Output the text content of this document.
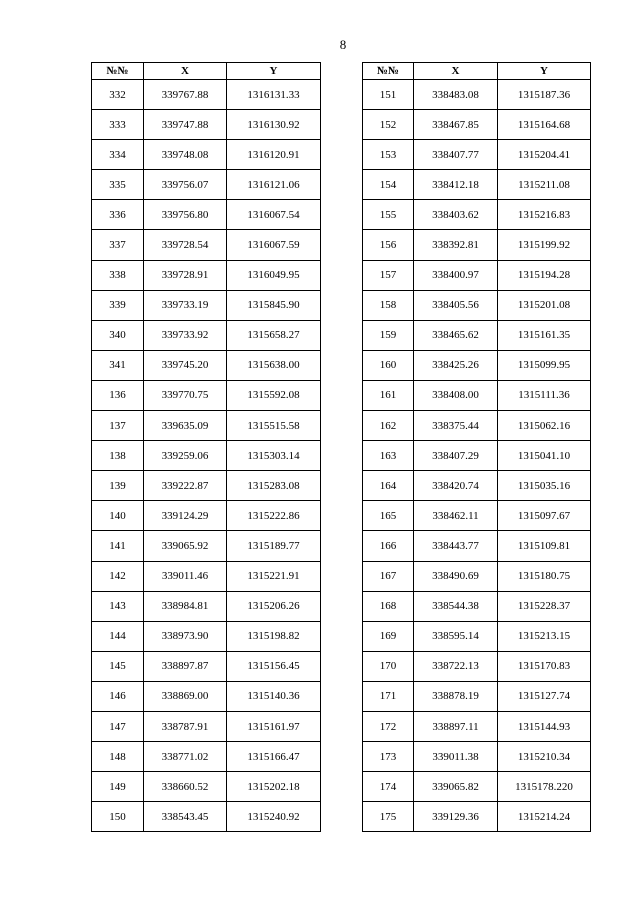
8
№№	X	Y
332	339767.88	1316131.33
333	339747.88	1316130.92
334	339748.08	1316120.91
335	339756.07	1316121.06
336	339756.80	1316067.54
337	339728.54	1316067.59
338	339728.91	1316049.95
339	339733.19	1315845.90
340	339733.92	1315658.27
341	339745.20	1315638.00
136	339770.75	1315592.08
137	339635.09	1315515.58
138	339259.06	1315303.14
139	339222.87	1315283.08
140	339124.29	1315222.86
141	339065.92	1315189.77
142	339011.46	1315221.91
143	338984.81	1315206.26
144	338973.90	1315198.82
145	338897.87	1315156.45
146	338869.00	1315140.36
147	338787.91	1315161.97
148	338771.02	1315166.47
149	338660.52	1315202.18
150	338543.45	1315240.92
№№	X	Y
151	338483.08	1315187.36
152	338467.85	1315164.68
153	338407.77	1315204.41
154	338412.18	1315211.08
155	338403.62	1315216.83
156	338392.81	1315199.92
157	338400.97	1315194.28
158	338405.56	1315201.08
159	338465.62	1315161.35
160	338425.26	1315099.95
161	338408.00	1315111.36
162	338375.44	1315062.16
163	338407.29	1315041.10
164	338420.74	1315035.16
165	338462.11	1315097.67
166	338443.77	1315109.81
167	338490.69	1315180.75
168	338544.38	1315228.37
169	338595.14	1315213.15
170	338722.13	1315170.83
171	338878.19	1315127.74
172	338897.11	1315144.93
173	339011.38	1315210.34
174	339065.82	1315178.220
175	339129.36	1315214.24
